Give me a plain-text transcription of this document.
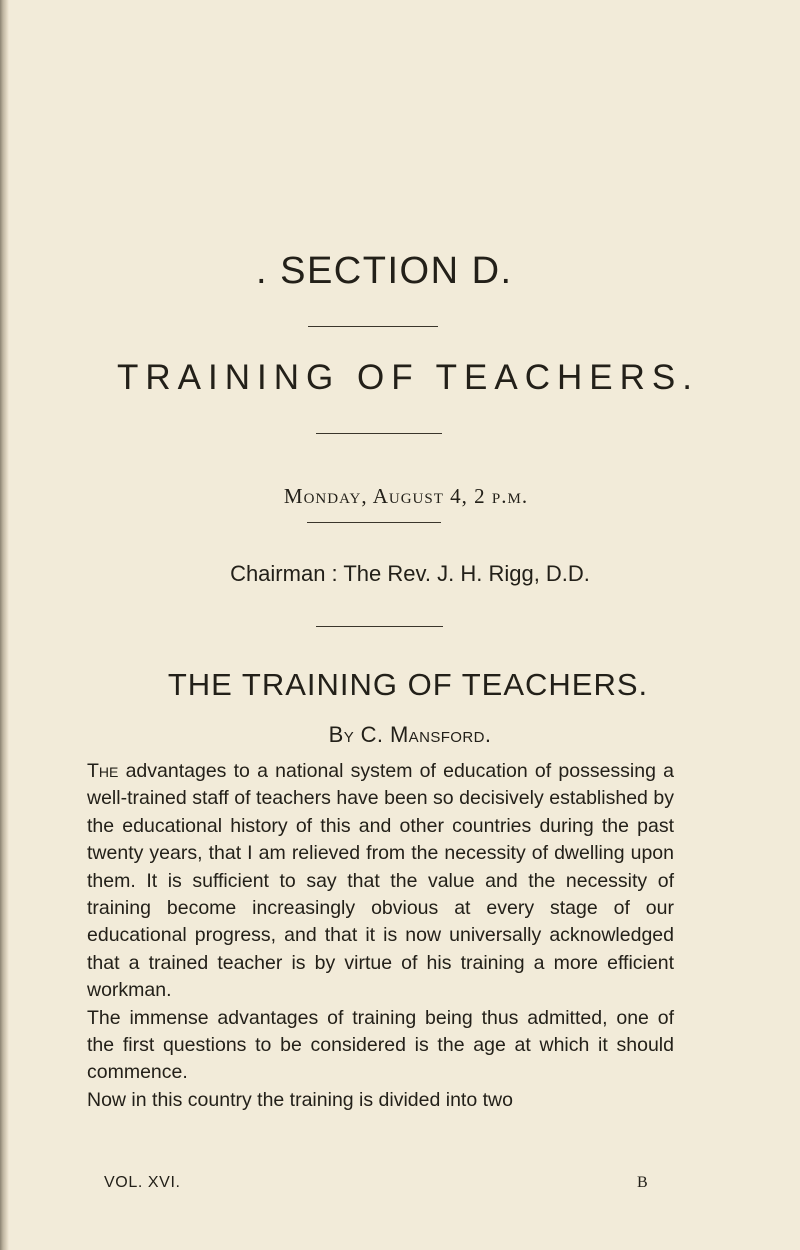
. SECTION D.
TRAINING OF TEACHERS.
Monday, August 4, 2 p.m.
Chairman : The Rev. J. H. Rigg, D.D.
THE TRAINING OF TEACHERS.
By C. Mansford.

The advantages to a national system of education of possessing a well-trained staff of teachers have been so decisively established by the educational history of this and other countries during the past twenty years, that I am relieved from the necessity of dwelling upon them. It is sufficient to say that the value and the necessity of training become increasingly obvious at every stage of our educational progress, and that it is now universally acknowledged that a trained teacher is by virtue of his training a more efficient workman.

The immense advantages of training being thus admitted, one of the first questions to be considered is the age at which it should commence.

Now in this country the training is divided into two

VOL. XVI.	B
